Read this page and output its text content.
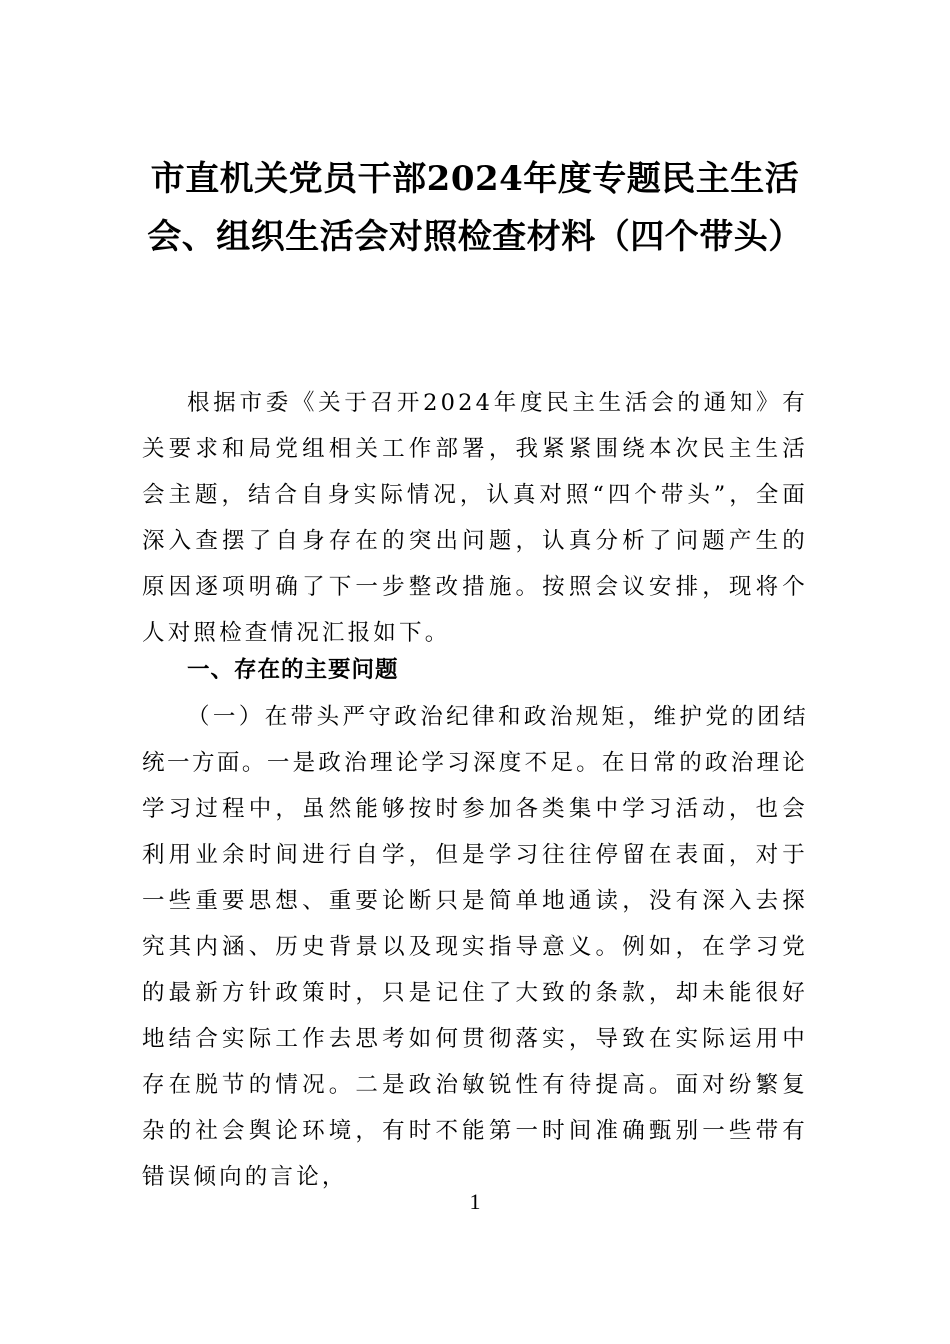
市直机关党员干部2024年度专题民主生活会、组织生活会对照检查材料（四个带头）

根据市委《关于召开2024年度民主生活会的通知》有关要求和局党组相关工作部署，我紧紧围绕本次民主生活会主题，结合自身实际情况，认真对照“四个带头”，全面深入查摆了自身存在的突出问题，认真分析了问题产生的原因逐项明确了下一步整改措施。按照会议安排，现将个人对照检查情况汇报如下。

一、存在的主要问题

（一）在带头严守政治纪律和政治规矩，维护党的团结统一方面。一是政治理论学习深度不足。在日常的政治理论学习过程中，虽然能够按时参加各类集中学习活动，也会利用业余时间进行自学，但是学习往往停留在表面，对于一些重要思想、重要论断只是简单地通读，没有深入去探究其内涵、历史背景以及现实指导意义。例如，在学习党的最新方针政策时，只是记住了大致的条款，却未能很好地结合实际工作去思考如何贯彻落实，导致在实际运用中存在脱节的情况。二是政治敏锐性有待提高。面对纷繁复杂的社会舆论环境，有时不能第一时间准确甄别一些带有错误倾向的言论，

1
